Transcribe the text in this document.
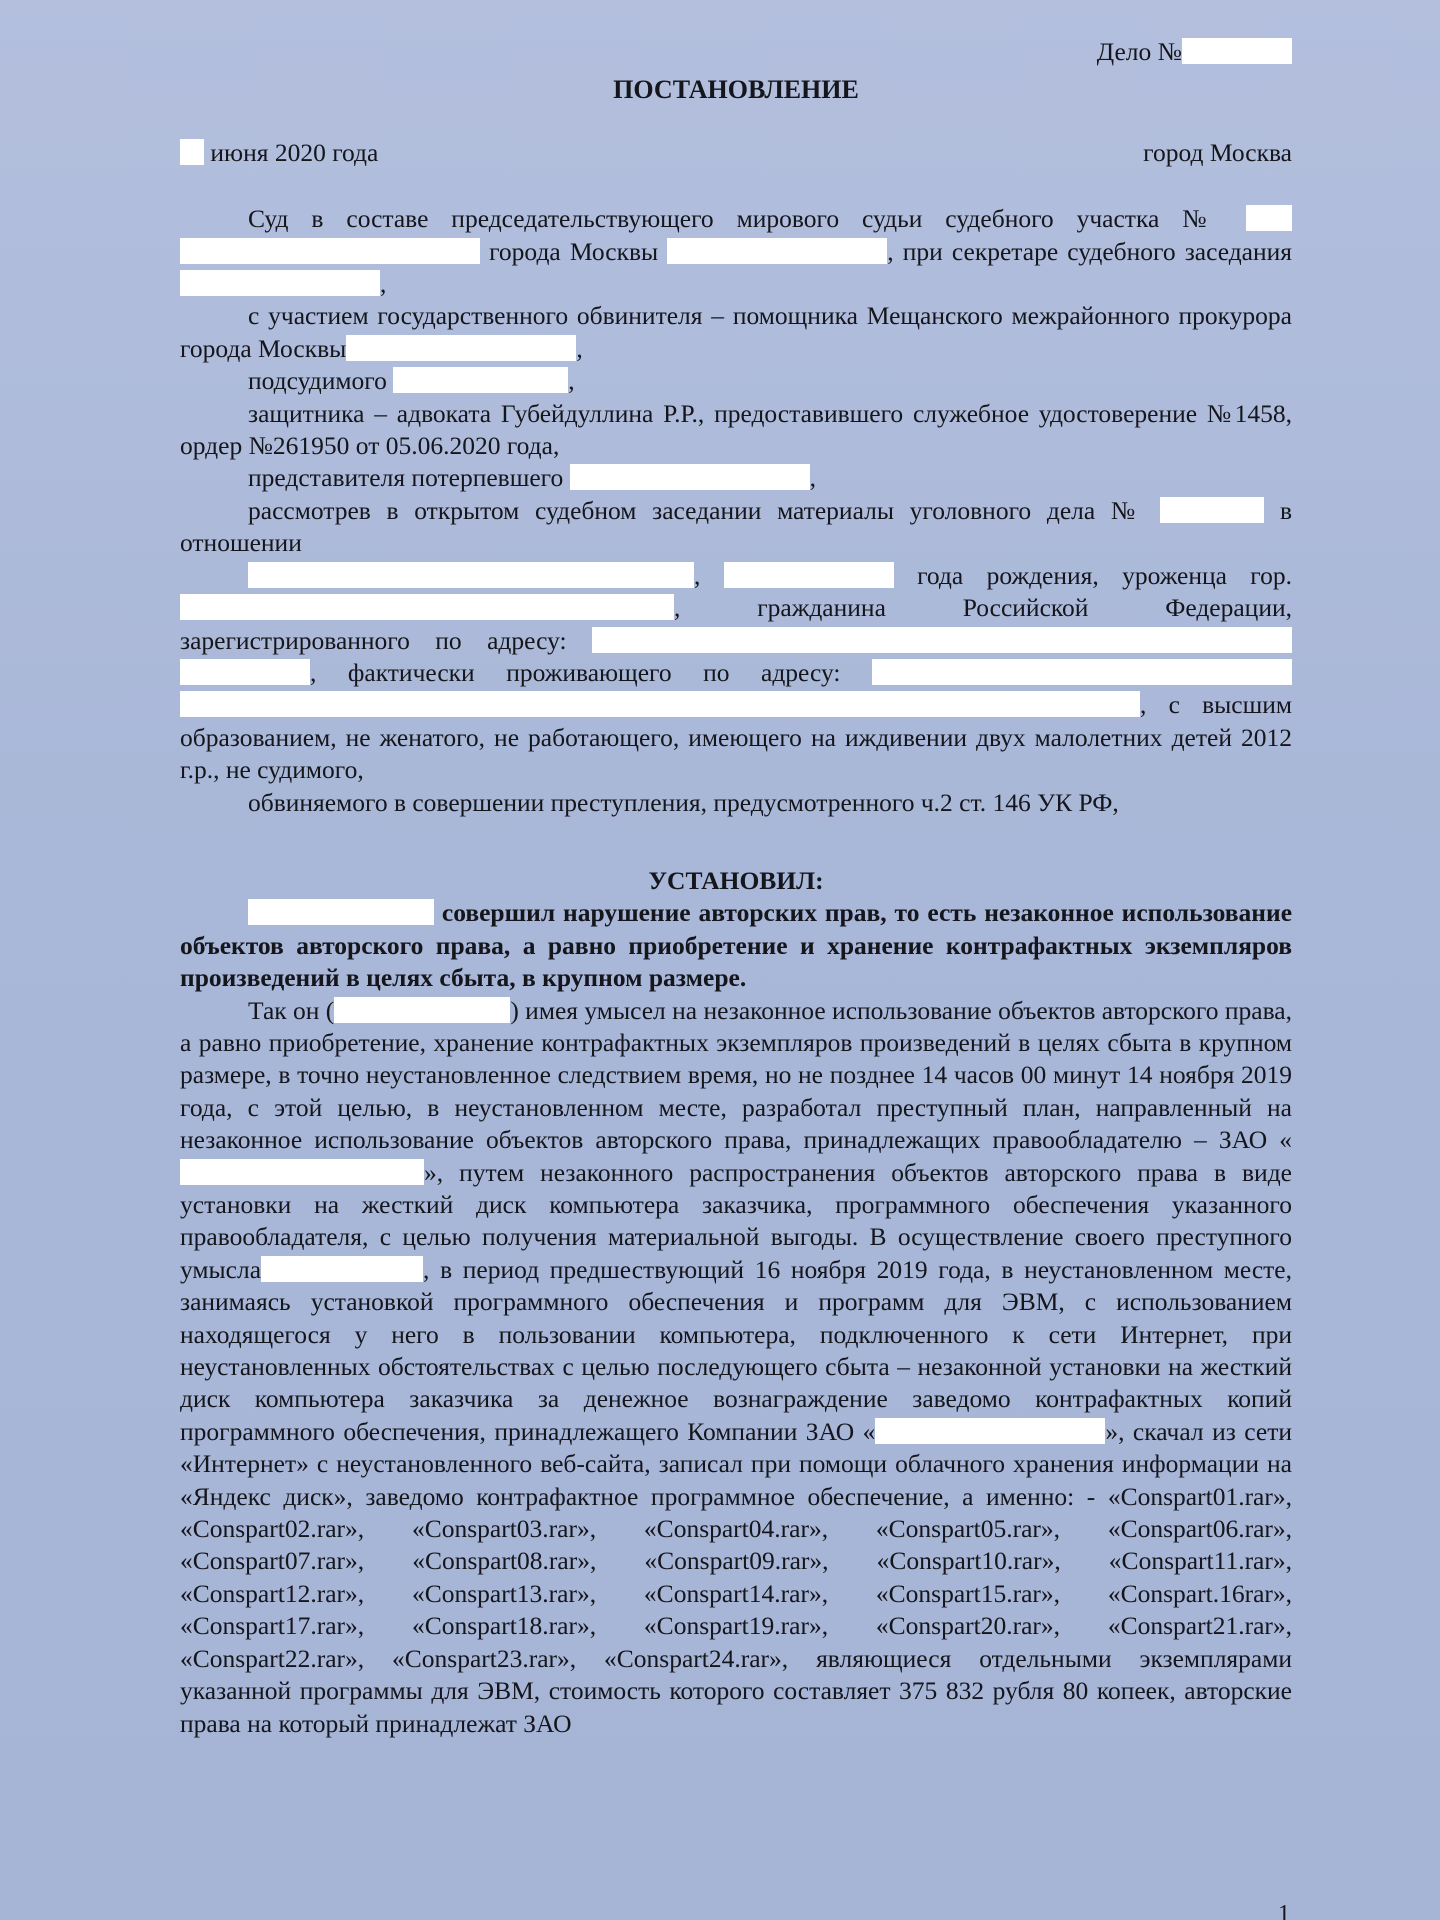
Дело №
ПОСТАНОВЛЕНИЕ
июня 2020 года	город Москва

Суд в составе председательствующего мирового судьи судебного участка №   города Москвы	, при секретаре судебного заседания ,

с участием государственного обвинителя – помощника Мещанского межрайонного прокурора города Москвы	,

подсудимого	,

защитника – адвоката Губейдуллина Р.Р., предоставившего служебное удостоверение №1458, ордер №261950 от 05.06.2020 года,

представителя потерпевшего	,

рассмотрев в открытом судебном заседании материалы уголовного дела №	в отношении

,	года рождения, уроженца гор. , гражданина Российской Федерации, зарегистрированного по адресу:  , фактически проживающего по адресу:  , с высшим образованием, не женатого, не работающего, имеющего на иждивении двух малолетних детей 2012 г.р., не судимого,

обвиняемого в совершении преступления, предусмотренного ч.2 ст. 146 УК РФ,

УСТАНОВИЛ:

совершил нарушение авторских прав, то есть незаконное использование объектов авторского права, а равно приобретение и хранение контрафактных экземпляров произведений в целях сбыта, в крупном размере.

Так он (	) имея умысел на незаконное использование объектов авторского права, а равно приобретение, хранение контрафактных экземпляров произведений в целях сбыта в крупном размере, в точно неустановленное следствием время, но не позднее 14 часов 00 минут 14 ноября 2019 года, с этой целью, в неустановленном месте, разработал преступный план, направленный на незаконное использование объектов авторского права, принадлежащих правообладателю – ЗАО «», путем незаконного распространения объектов авторского права в виде установки на жесткий диск компьютера заказчика, программного обеспечения указанного правообладателя, с целью получения материальной выгоды. В осуществление своего преступного умысла	, в период предшествующий 16 ноября 2019 года, в неустановленном месте, занимаясь установкой программного обеспечения и программ для ЭВМ, с использованием находящегося у него в пользовании компьютера, подключенного к сети Интернет, при неустановленных обстоятельствах с целью последующего сбыта – незаконной установки на жесткий диск компьютера заказчика за денежное вознаграждение заведомо контрафактных копий программного обеспечения, принадлежащего Компании ЗАО «	», скачал из сети «Интернет» с неустановленного веб-сайта, записал при помощи облачного хранения информации на «Яндекс диск», заведомо контрафактное программное обеспечение, а именно: - «Conspart01.rar», «Conspart02.rar», «Conspart03.rar», «Conspart04.rar», «Conspart05.rar», «Conspart06.rar», «Conspart07.rar», «Conspart08.rar», «Conspart09.rar», «Conspart10.rar», «Conspart11.rar», «Conspart12.rar», «Conspart13.rar», «Conspart14.rar», «Conspart15.rar», «Conspart.16rar», «Conspart17.rar», «Conspart18.rar», «Conspart19.rar», «Conspart20.rar», «Conspart21.rar», «Conspart22.rar», «Conspart23.rar», «Conspart24.rar», являющиеся отдельными экземплярами указанной программы для ЭВМ, стоимость которого составляет 375 832 рубля 80 копеек, авторские права на который принадлежат ЗАО

1
